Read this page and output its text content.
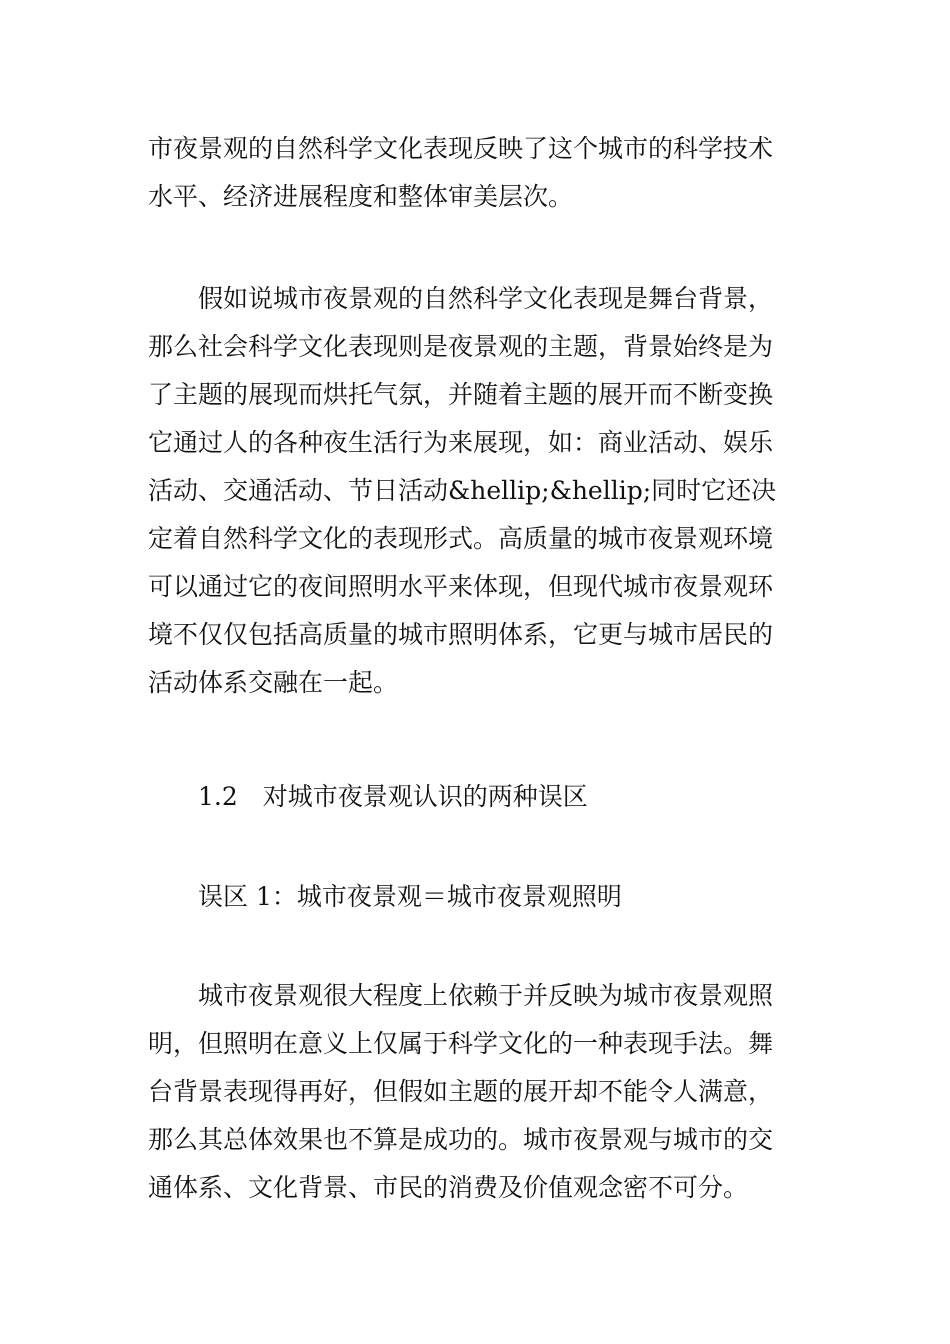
市夜景观的自然科学文化表现反映了这个城市的科学技术
水平、经济进展程度和整体审美层次。
假如说城市夜景观的自然科学文化表现是舞台背景，
那么社会科学文化表现则是夜景观的主题，背景始终是为
了主题的展现而烘托气氛，并随着主题的展开而不断变换
它通过人的各种夜生活行为来展现，如：商业活动、娱乐
活动、交通活动、节日活动&hellip;&hellip;同时它还决
定着自然科学文化的表现形式。高质量的城市夜景观环境
可以通过它的夜间照明水平来体现，但现代城市夜景观环
境不仅仅包括高质量的城市照明体系，它更与城市居民的
活动体系交融在一起。
1.2　对城市夜景观认识的两种误区
误区 1：城市夜景观＝城市夜景观照明
城市夜景观很大程度上依赖于并反映为城市夜景观照
明，但照明在意义上仅属于科学文化的一种表现手法。舞
台背景表现得再好，但假如主题的展开却不能令人满意，
那么其总体效果也不算是成功的。城市夜景观与城市的交
通体系、文化背景、市民的消费及价值观念密不可分。
